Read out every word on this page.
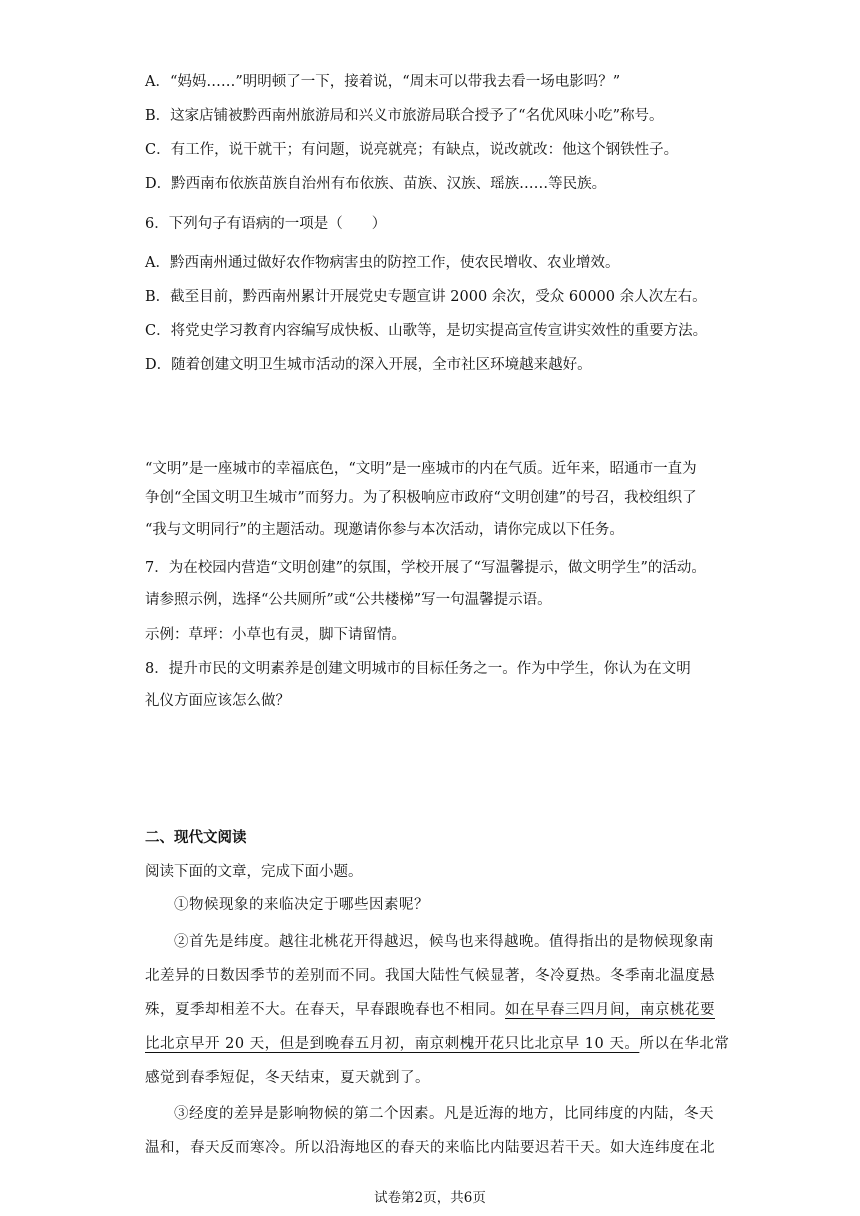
A．“妈妈……”明明顿了一下，接着说，“周末可以带我去看一场电影吗？”
B．这家店铺被黔西南州旅游局和兴义市旅游局联合授予了“名优风味小吃”称号。
C．有工作，说干就干；有问题，说亮就亮；有缺点，说改就改：他这个钢铁性子。
D．黔西南布依族苗族自治州有布依族、苗族、汉族、瑶族……等民族。
6．下列句子有语病的一项是（　　）
A．黔西南州通过做好农作物病害虫的防控工作，使农民增收、农业增效。
B．截至目前，黔西南州累计开展党史专题宣讲 2000 余次，受众 60000 余人次左右。
C．将党史学习教育内容编写成快板、山歌等，是切实提高宣传宣讲实效性的重要方法。
D．随着创建文明卫生城市活动的深入开展，全市社区环境越来越好。
“文明”是一座城市的幸福底色，“文明”是一座城市的内在气质。近年来，昭通市一直为
争创“全国文明卫生城市”而努力。为了积极响应市政府“文明创建”的号召，我校组织了
“我与文明同行”的主题活动。现邀请你参与本次活动，请你完成以下任务。
7．为在校园内营造“文明创建”的氛围，学校开展了“写温馨提示，做文明学生”的活动。
请参照示例，选择“公共厕所”或“公共楼梯”写一句温馨提示语。
示例：草坪：小草也有灵，脚下请留情。
8．提升市民的文明素养是创建文明城市的目标任务之一。作为中学生，你认为在文明
礼仪方面应该怎么做？
二、现代文阅读
阅读下面的文章，完成下面小题。
①物候现象的来临决定于哪些因素呢？
②首先是纬度。越往北桃花开得越迟，候鸟也来得越晚。值得指出的是物候现象南
北差异的日数因季节的差别而不同。我国大陆性气候显著，冬冷夏热。冬季南北温度悬
殊，夏季却相差不大。在春天，早春跟晚春也不相同。如在早春三四月间，南京桃花要
比北京早开 20 天，但是到晚春五月初，南京刺槐开花只比北京早 10 天。所以在华北常
感觉到春季短促，冬天结束，夏天就到了。
③经度的差异是影响物候的第二个因素。凡是近海的地方，比同纬度的内陆，冬天
温和，春天反而寒冷。所以沿海地区的春天的来临比内陆要迟若干天。如大连纬度在北
试卷第2页，共6页
